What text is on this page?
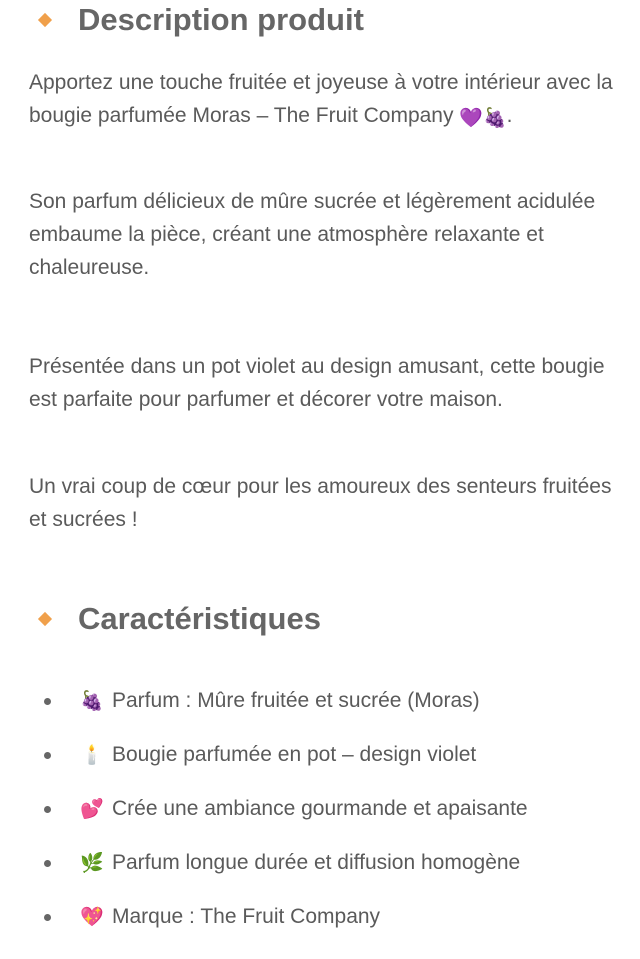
Description produit

Apportez une touche fruitée et joyeuse à votre intérieur avec la bougie parfumée Moras – The Fruit Company 💜🍇.

Son parfum délicieux de mûre sucrée et légèrement acidulée embaume la pièce, créant une atmosphère relaxante et chaleureuse.

Présentée dans un pot violet au design amusant, cette bougie est parfaite pour parfumer et décorer votre maison.

Un vrai coup de cœur pour les amoureux des senteurs fruitées et sucrées !

Caractéristiques
🍇 Parfum : Mûre fruitée et sucrée (Moras)
🕯️ Bougie parfumée en pot – design violet
💕 Crée une ambiance gourmande et apaisante
🌿 Parfum longue durée et diffusion homogène
💖 Marque : The Fruit Company
